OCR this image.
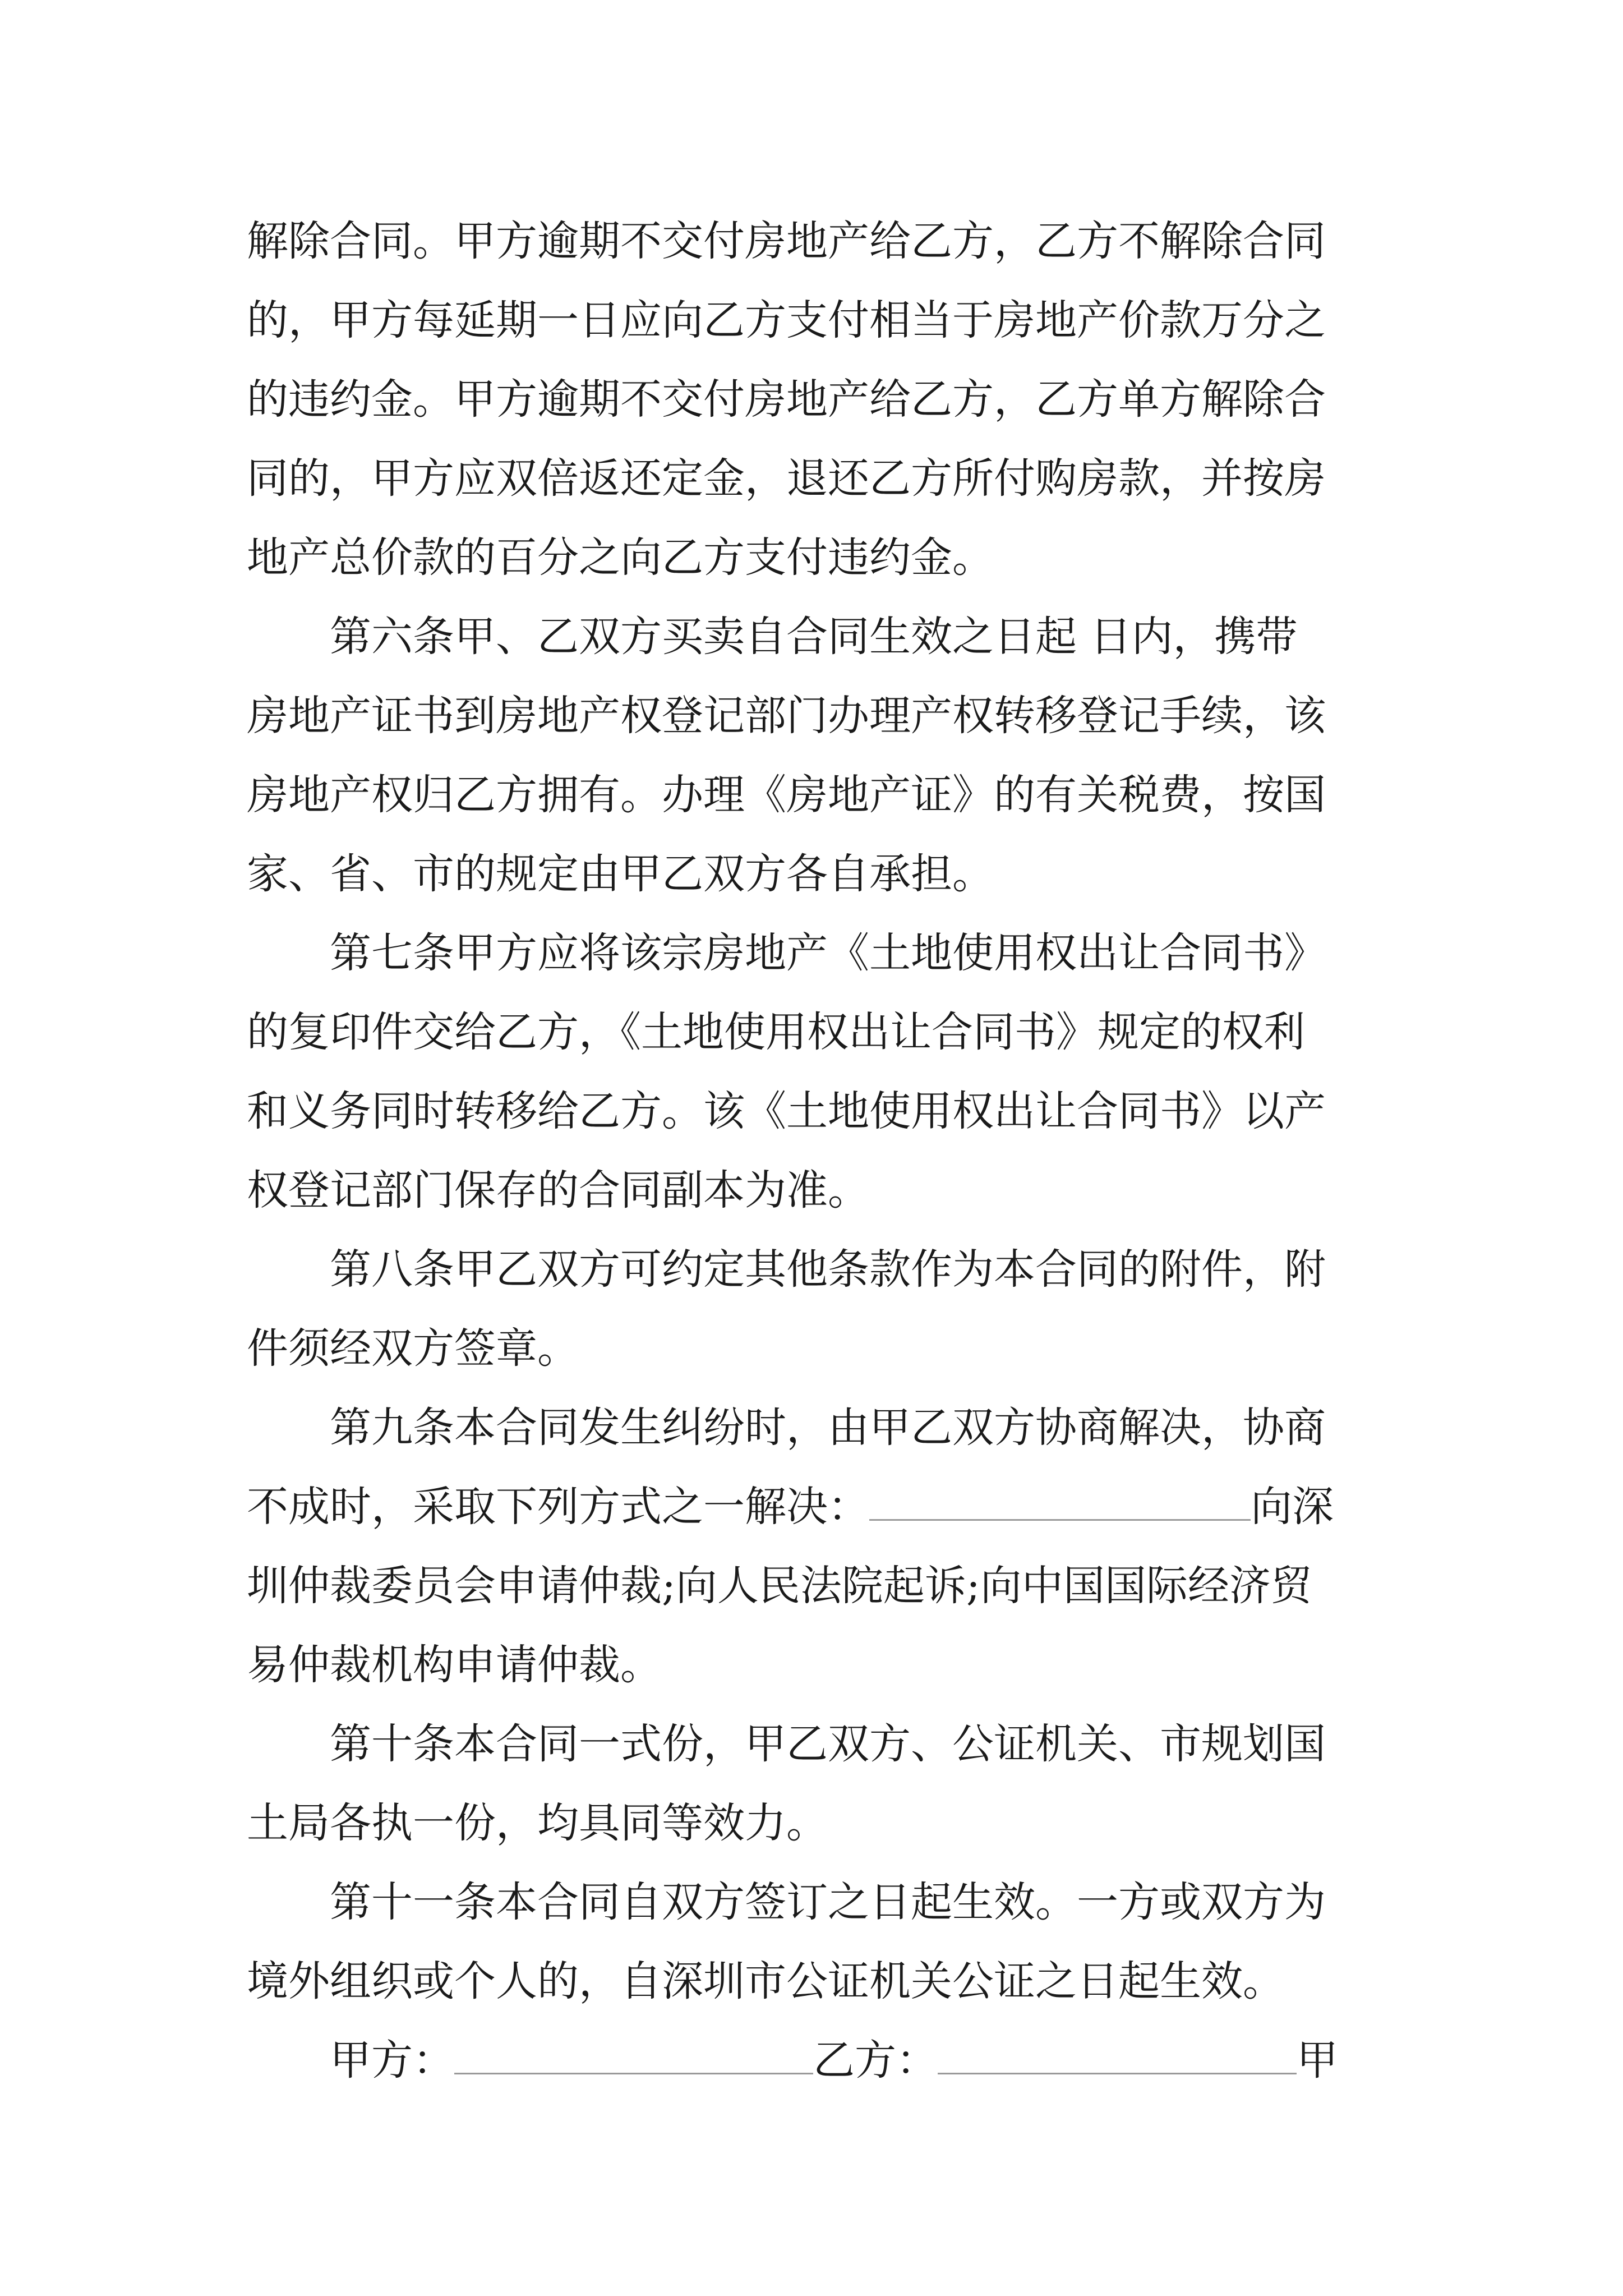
解除合同。甲方逾期不交付房地产给乙方，乙方不解除合同
的，甲方每延期一日应向乙方支付相当于房地产价款万分之
的违约金。甲方逾期不交付房地产给乙方，乙方单方解除合
同的，甲方应双倍返还定金，退还乙方所付购房款，并按房
地产总价款的百分之向乙方支付违约金。
第六条甲、乙双方买卖自合同生效之日起 日内，携带
房地产证书到房地产权登记部门办理产权转移登记手续，该
房地产权归乙方拥有。办理《房地产证》的有关税费，按国
家、省、市的规定由甲乙双方各自承担。
第七条甲方应将该宗房地产《土地使用权出让合同书》
的复印件交给乙方，《土地使用权出让合同书》规定的权利
和义务同时转移给乙方。该《土地使用权出让合同书》以产
权登记部门保存的合同副本为准。
第八条甲乙双方可约定其他条款作为本合同的附件，附
件须经双方签章。
第九条本合同发生纠纷时，由甲乙双方协商解决，协商
不成时，采取下列方式之一解决：	向深
圳仲裁委员会申请仲裁;向人民法院起诉;向中国国际经济贸
易仲裁机构申请仲裁。
第十条本合同一式份，甲乙双方、公证机关、市规划国
土局各执一份，均具同等效力。
第十一条本合同自双方签订之日起生效。一方或双方为
境外组织或个人的，自深圳市公证机关公证之日起生效。
甲方：	乙方：	甲
